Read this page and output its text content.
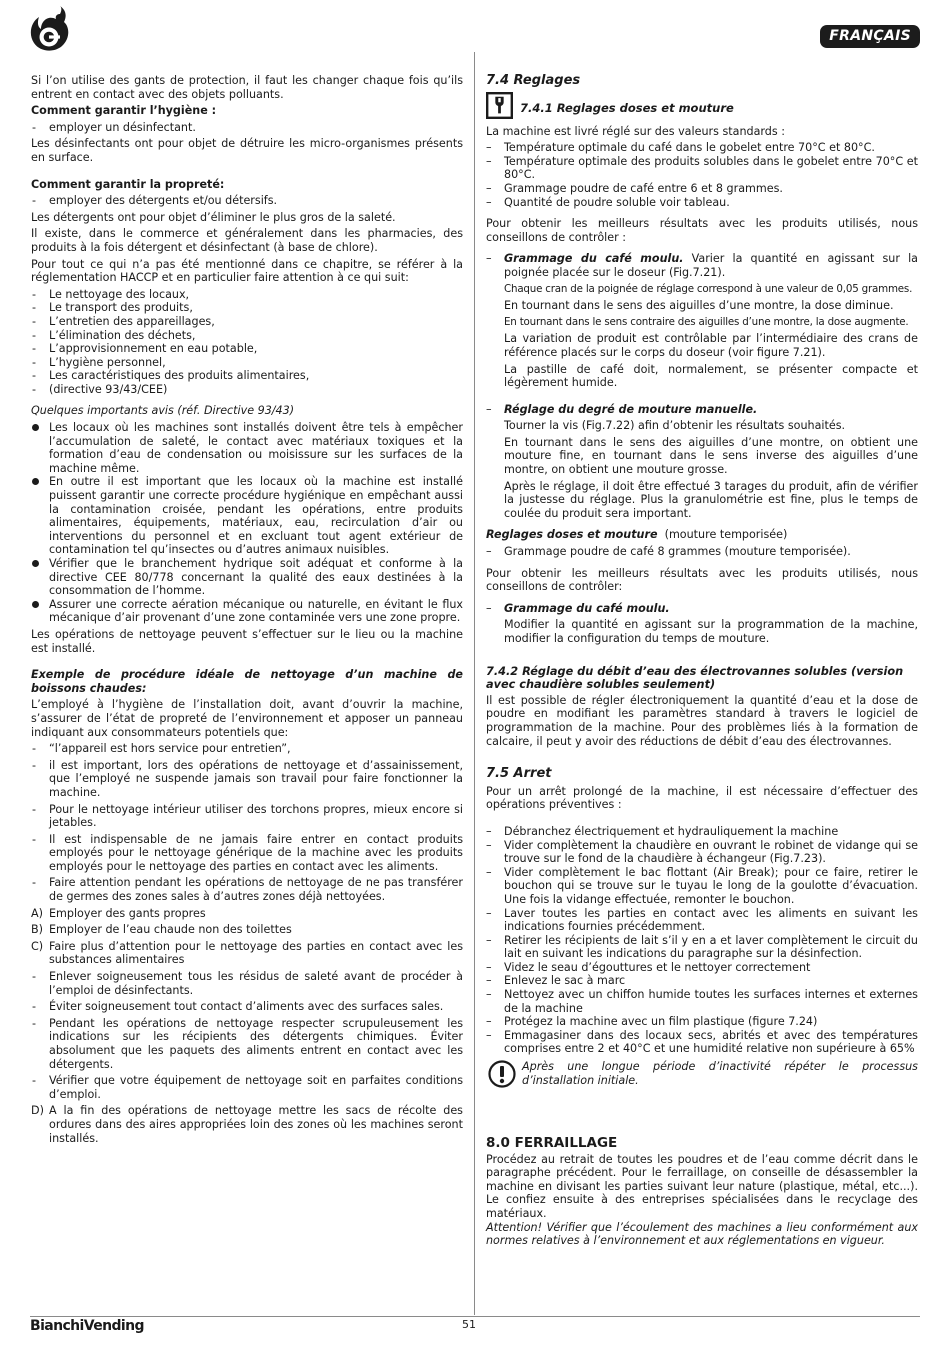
FRANÇAIS

Si l’on utilise des gants de protection, il faut les changer chaque fois qu’ils entrent en contact avec des objets polluants.

Comment garantir l’hygiène :

- employer un désinfectant.

Les désinfectants ont pour objet de détruire les micro-organismes présents en surface.

Comment garantir la propreté:

- employer des détergents et/ou détersifs.

Les détergents ont pour objet d’éliminer le plus gros de la saleté.

Il existe, dans le commerce et généralement dans les pharmacies, des produits à la fois détergent et désinfectant (à base de chlore).

Pour tout ce qui n’a pas été mentionné dans ce chapitre, se référer à la réglementation HACCP et en particulier faire attention à ce qui suit:

- Le nettoyage des locaux,
- Le transport des produits,
- L’entretien des appareillages,
- L’élimination des déchets,
- L’approvisionnement en eau potable,
- L’hygiène personnel,
- Les caractéristiques des produits alimentaires,
- (directive 93/43/CEE)

Quelques importants avis (réf. Directive 93/43)

Les locaux où les machines sont installés doivent être tels à empêcher l’accumulation de saleté, le contact avec matériaux toxiques et la formation d’eau de condensation ou moisissure sur les surfaces de la machine même.
En outre il est important que les locaux où la machine est installé puissent garantir une correcte procédure hygiénique en empêchant aussi la contamination croisée, pendant les opérations, entre produits alimentaires, équipements, matériaux, eau, recirculation d’air ou interventions du personnel et en excluant tout agent extérieur de contamination tel qu’insectes ou d’autres animaux nuisibles.
Vérifier que le branchement hydrique soit adéquat et conforme à la directive CEE 80/778 concernant la qualité des eaux destinées à la consommation de l’homme.
Assurer une correcte aération mécanique ou naturelle, en évitant le flux mécanique d’air provenant d’une zone contaminée vers une zone propre.

Les opérations de nettoyage peuvent s’effectuer sur le lieu ou la machine est installé.

Exemple de procédure idéale de nettoyage d’un machine de boissons chaudes:

L’employé à l’hygiène de l’installation doit, avant d’ouvrir la machine, s’assurer de l’état de propreté de l’environnement et apposer un panneau indiquant aux consommateurs potentiels que:

- “l’appareil est hors service pour entretien”,
- il est important, lors des opérations de nettoyage et d’assainissement, que l’employé ne suspende jamais son travail pour faire fonctionner la machine.
- Pour le nettoyage intérieur utiliser des torchons propres, mieux encore si jetables.
- Il est indispensable de ne jamais faire entrer en contact produits employés pour le nettoyage générique de la machine avec les produits employés pour le nettoyage des parties en contact avec les aliments.
- Faire attention pendant les opérations de nettoyage de ne pas transférer de germes des zones sales à d’autres zones déjà nettoyées.
A) Employer des gants propres
B) Employer de l’eau chaude non des toilettes
C) Faire plus d’attention pour le nettoyage des parties en contact avec les substances alimentaires
- Enlever soigneusement tous les résidus de saleté avant de procéder à l’emploi de désinfectants.
- Éviter soigneusement tout contact d’aliments avec des surfaces sales.
- Pendant les opérations de nettoyage respecter scrupuleusement les indications sur les récipients des détergents chimiques. Éviter absolument que les paquets des aliments entrent en contact avec les détergents.
- Vérifier que votre équipement de nettoyage soit en parfaites conditions d’emploi.
D) A la fin des opérations de nettoyage mettre les sacs de récolte des ordures dans des aires appropriées loin des zones où les machines seront installés.
7.4 Reglages
7.4.1 Reglages doses et mouture

La machine est livré réglé sur des valeurs standards :

– Température optimale du café dans le gobelet entre 70°C et 80°C.
– Température optimale des produits solubles dans le gobelet entre 70°C et 80°C.
– Grammage poudre de café entre 6 et 8 grammes.
– Quantité de poudre soluble voir tableau.

Pour obtenir les meilleurs résultats avec les produits utilisés, nous conseillons de contrôler :

– Grammage du café moulu. Varier la quantité en agissant sur la poignée placée sur le doseur (Fig.7.21).

Chaque cran de la poignée de réglage correspond à une valeur de 0,05 grammes.

En tournant dans le sens des aiguilles d’une montre, la dose diminue.

En tournant dans le sens contraire des aiguilles d’une montre, la dose augmente.

La variation de produit est contrôlable par l’intermédiaire des crans de référence placés sur le corps du doseur (voir figure 7.21).

La pastille de café doit, normalement, se présenter compacte et légèrement humide.

– Réglage du degré de mouture manuelle.

Tourner la vis (Fig.7.22) afin d’obtenir les résultats souhaités.

En tournant dans le sens des aiguilles d’une montre, on obtient une mouture fine, en tournant dans le sens inverse des aiguilles d’une montre, on obtient une mouture grosse.

Après le réglage, il doit être effectué 3 tarages du produit, afin de vérifier la justesse du réglage. Plus la granulométrie est fine, plus le temps de coulée du produit sera important.

Reglages doses et mouture (mouture temporisée)

– Grammage poudre de café 8 grammes (mouture temporisée).

Pour obtenir les meilleurs résultats avec les produits utilisés, nous conseillons de contrôler:

– Grammage du café moulu.

Modifier la quantité en agissant sur la programmation de la machine, modifier la configuration du temps de mouture.

7.4.2 Réglage du débit d’eau des électrovannes solubles (version avec chaudière solubles seulement)

Il est possible de régler électroniquement la quantité d’eau et la dose de poudre en modifiant les paramètres standard à travers le logiciel de programmation de la machine. Pour des problèmes liés à la formation de calcaire, il peut y avoir des réductions de débit d’eau des électrovannes.

7.5 Arret

Pour un arrêt prolongé de la machine, il est nécessaire d’effectuer des opérations préventives :

– Débranchez électriquement et hydrauliquement la machine
– Vider complètement la chaudière en ouvrant le robinet de vidange qui se trouve sur le fond de la chaudière à échangeur (Fig.7.23).
– Vider complètement le bac flottant (Air Break); pour ce faire, retirer le bouchon qui se trouve sur le tuyau le long de la goulotte d’évacuation. Une fois la vidange effectuée, remonter le bouchon.
– Laver toutes les parties en contact avec les aliments en suivant les indications fournies précédemment.
– Retirer les récipients de lait s’il y en a et laver complètement le circuit du lait en suivant les indications du paragraphe sur la désinfection.
– Videz le seau d’égouttures et le nettoyer correctement
– Enlevez le sac à marc
– Nettoyez avec un chiffon humide toutes les surfaces internes et externes de la machine
– Protégez la machine avec un film plastique (figure 7.24)
– Emmagasiner dans des locaux secs, abrités et avec des températures comprises entre 2 et 40°C et une humidité relative non supérieure à 65%

Après une longue période d’inactivité répéter le processus d’installation initiale.

8.0 FERRAILLAGE

Procédez au retrait de toutes les poudres et de l’eau comme décrit dans le paragraphe précédent. Pour le ferraillage, on conseille de désassembler la machine en divisant les parties suivant leur nature (plastique, métal, etc...). Le confiez ensuite à des entreprises spécialisées dans le recyclage des matériaux.

Attention! Vérifier que l’écoulement des machines a lieu conformément aux normes relatives à l’environnement et aux réglementations en vigueur.

BianchiVending	51
